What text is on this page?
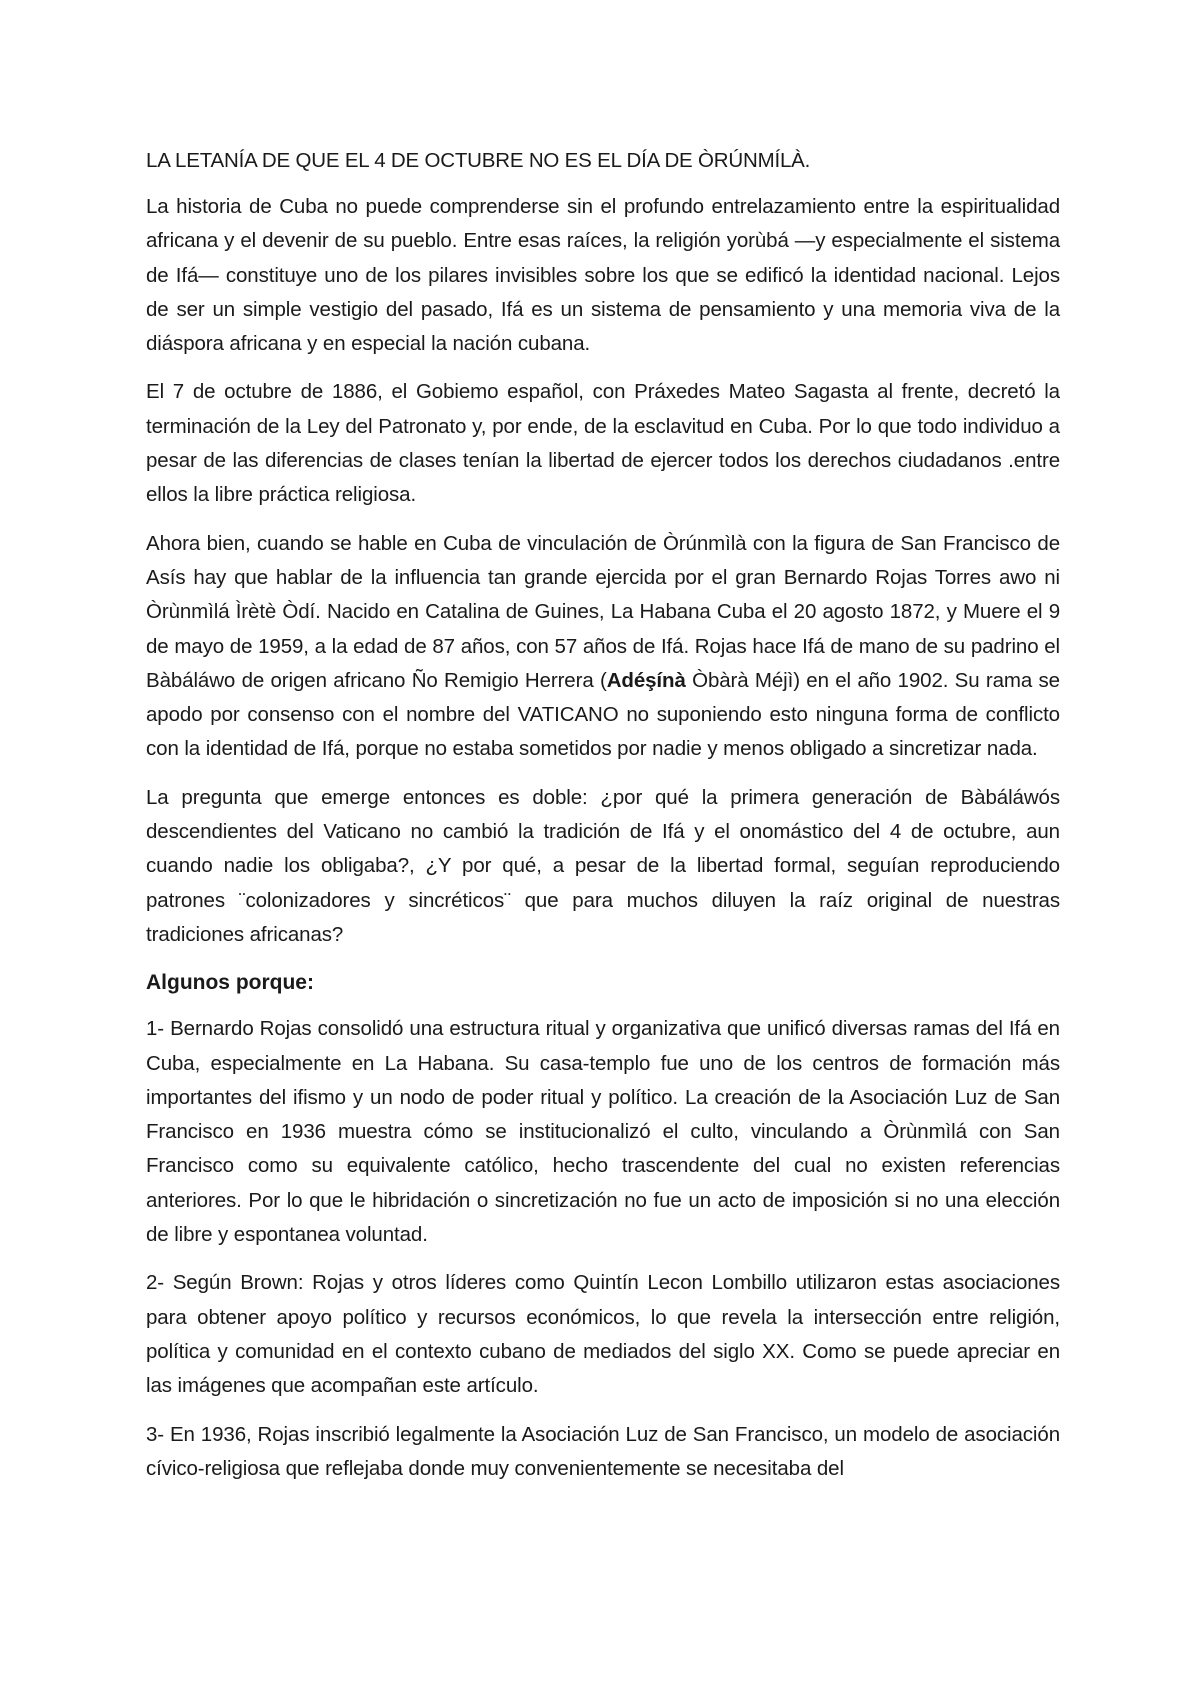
LA LETANÍA DE QUE EL 4 DE OCTUBRE NO ES EL DÍA DE ÒRÚNMÍLÀ.

La historia de Cuba no puede comprenderse sin el profundo entrelazamiento entre la espiritualidad africana y el devenir de su pueblo. Entre esas raíces, la religión yorùbá —y especialmente el sistema de Ifá— constituye uno de los pilares invisibles sobre los que se edificó la identidad nacional. Lejos de ser un simple vestigio del pasado, Ifá es un sistema de pensamiento y una memoria viva de la diáspora africana y en especial la nación cubana.

El 7 de octubre de 1886, el Gobiemo español, con Práxedes Mateo Sagasta al frente, decretó la terminación de la Ley del Patronato y, por ende, de la esclavitud en Cuba. Por lo que todo individuo a pesar de las diferencias de clases tenían la libertad de ejercer todos los derechos ciudadanos .entre ellos la libre práctica religiosa.

Ahora bien, cuando se hable en Cuba de vinculación de Òrúnmìlà con la figura de San Francisco de Asís hay que hablar de la influencia tan grande ejercida por el gran Bernardo Rojas Torres awo ni Òrùnmìlá Ìrètè Òdí. Nacido en Catalina de Guines, La Habana Cuba el 20 agosto 1872, y Muere el 9 de mayo de 1959, a la edad de 87 años, con 57 años de Ifá. Rojas hace Ifá de mano de su padrino el Bàbáláwo de origen africano Ño Remigio Herrera (Adéşínà Òbàrà Méjì) en el año 1902. Su rama se apodo por consenso con el nombre del VATICANO no suponiendo esto ninguna forma de conflicto con la identidad de Ifá, porque no estaba sometidos por nadie y menos obligado a sincretizar nada.

La pregunta que emerge entonces es doble: ¿por qué la primera generación de Bàbáláwós descendientes del Vaticano no cambió la tradición de Ifá y el onomástico del 4 de octubre, aun cuando nadie los obligaba?, ¿Y por qué, a pesar de la libertad formal, seguían reproduciendo patrones ¨colonizadores y sincréticos¨ que para muchos diluyen la raíz original de nuestras tradiciones africanas?

Algunos porque:

1- Bernardo Rojas consolidó una estructura ritual y organizativa que unificó diversas ramas del Ifá en Cuba, especialmente en La Habana. Su casa-templo fue uno de los centros de formación más importantes del ifismo y un nodo de poder ritual y político. La creación de la Asociación Luz de San Francisco en 1936 muestra cómo se institucionalizó el culto, vinculando a Òrùnmìlá con San Francisco como su equivalente católico, hecho trascendente del cual no existen referencias anteriores. Por lo que le hibridación o sincretización no fue un acto de imposición si no una elección de libre y espontanea voluntad.

2- Según Brown: Rojas y otros líderes como Quintín Lecon Lombillo utilizaron estas asociaciones para obtener apoyo político y recursos económicos, lo que revela la intersección entre religión, política y comunidad en el contexto cubano de mediados del siglo XX. Como se puede apreciar en las imágenes que acompañan este artículo.

3- En 1936, Rojas inscribió legalmente la Asociación Luz de San Francisco, un modelo de asociación cívico-religiosa que reflejaba donde muy convenientemente se necesitaba del
